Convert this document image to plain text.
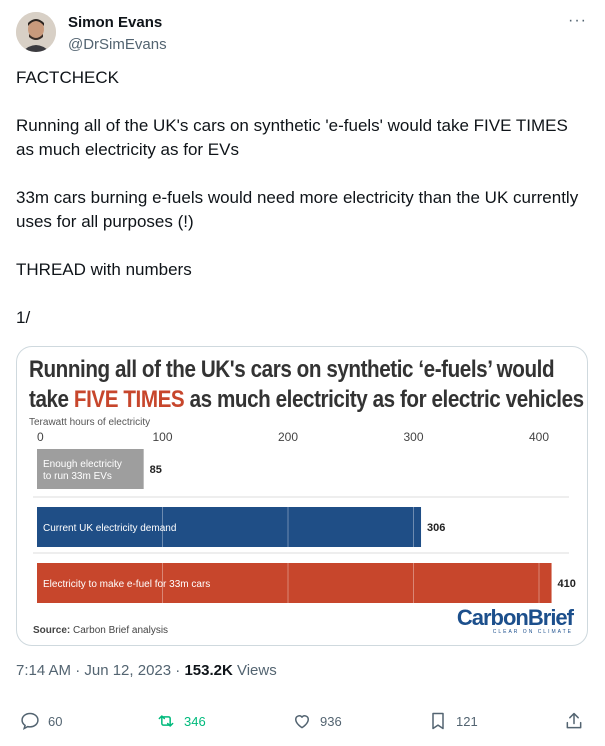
Simon Evans
@DrSimEvans
···

FACTCHECK

Running all of the UK's cars on synthetic 'e-fuels' would take FIVE TIMES as much electricity as for EVs

33m cars burning e-fuels would need more electricity than the UK currently uses for all purposes (!)

THREAD with numbers

1/

Running all of the UK's cars on synthetic ‘e-fuels’ would
take FIVE TIMES as much electricity as for electric vehicles
Terawatt hours of electricity
0	100	200	300	400
Enough electricity
to run 33m EVs
85
Current UK electricity demand	306
Electricity to make e-fuel for 33m cars	410
Source: Carbon Brief analysis
CarbonBrief
CLEAR ON CLIMATE
7:14 AM · Jun 12, 2023 · 153.2K Views
60	346	936	121
